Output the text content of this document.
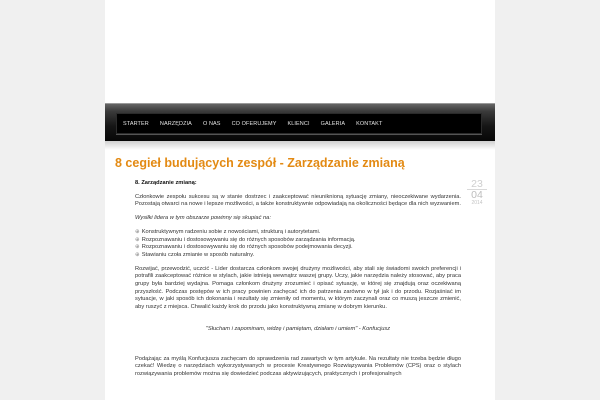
STARTER NARZĘDZIA O NAS CO OFERUJEMY KLIENCI GALERIA KONTAKT
8 cegieł budujących zespół - Zarządzanie zmianą
23
04
2014

8. Zarządzanie zmianą:

Członkowie zespołu sukcesu są w stanie dostrzec i zaakceptować nieuniknioną sytuację zmiany, nieoczekiwane wydarzenia. Pozostają otwarci na nowe i lepsze możliwości, a także konstruktywnie odpowiadają na okoliczności będące dla nich wyzwaniem.

Wysiłki lidera w tym obszarze powinny się skupiać na:

⊕ Konstruktywnym radzeniu sobie z nowościami, strukturą i autorytetami.
⊕ Rozpoznawaniu i dostosowywaniu się do różnych sposobów zarządzania informacją.
⊕ Rozpoznawaniu i dostosowywaniu się do różnych sposobów podejmowania decyzji.
⊕ Stawianiu czoła zmianie w sposób naturalny.

Rozwijać, przewodzić, uczcić - Lider dostarcza członkom swojej drużyny możliwości, aby stali się świadomi swoich preferencji i potrafili zaakceptować różnice w stylach, jakie istnieją wewnątrz waszej grupy. Uczy, jakie narzędzia należy stosować, aby praca grupy była bardziej wydajna. Pomaga członkom drużyny zrozumieć i opisać sytuację, w której się znajdują oraz oczekiwaną przyszłość. Podczas postępów w ich pracy powinien zachęcać ich do patrzenia zarówno w tył jak i do przodu. Rozjaśniać im sytuacje, w jaki sposób ich dokonania i rezultaty się zmieniły od momentu, w którym zaczynali oraz co muszą jeszcze zmienić, aby ruszyć z miejsca. Chwalić każdy krok do przodu jako konstruktywną zmianę w dobrym kierunku.

"Słucham i zapominam, widzę i pamiętam, działam i umiem" - Konfucjusz

Podążając za myślą Konfucjusza zachęcam do sprawdzenia rad zawartych w tym artykule. Na rezultaty nie trzeba będzie długo czekać! Wiedzę o narzędziach wykorzystywanych w procesie Kreatywnego Rozwiązywania Problemów (CPS) oraz o stylach rozwiązywania problemów można się dowiedzieć podczas aktywizujących, praktycznych i profesjonalnych
